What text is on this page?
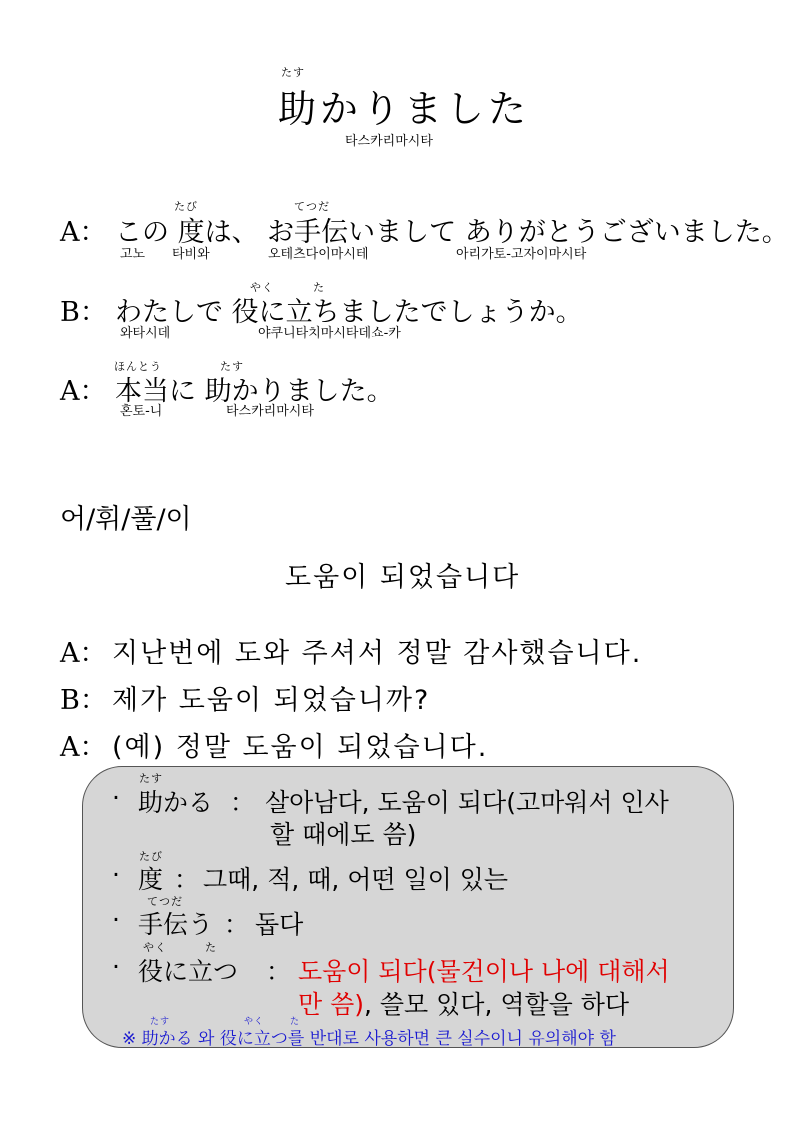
たす
助かりました
타스카리마시타
たび	てつだ
A： この 度は、 お手伝いまして ありがとうございました。
고노 타비와	오테츠다이마시테	아리가토-고자이마시타
やく	た
B： わたしで 役に立ちましたでしょうか。
와타시데	야쿠니타치마시타데쇼-카
ほんとう	たす
A： 本当に 助かりました。
혼토-니	타스카리마시타
어/휘/풀/이
도움이 되었습니다
A： 지난번에 도와 주셔서 정말 감사했습니다.
B： 제가 도움이 되었습니까?
A： (예) 정말 도움이 되었습니다.
たす
· 助かる ： 살아남다, 도움이 되다(고마워서 인사
할 때에도 씀)
たび
· 度 ： 그때, 적, 때, 어떤 일이 있는
てつだ
· 手伝う ： 돕다
やく	た
· 役に立つ ： 도움이 되다(물건이나 나에 대해서
만 씀), 쓸모 있다, 역할을 하다
たす	やく	た
※ 助かる 와 役に立つ를 반대로 사용하면 큰 실수이니 유의해야 함
